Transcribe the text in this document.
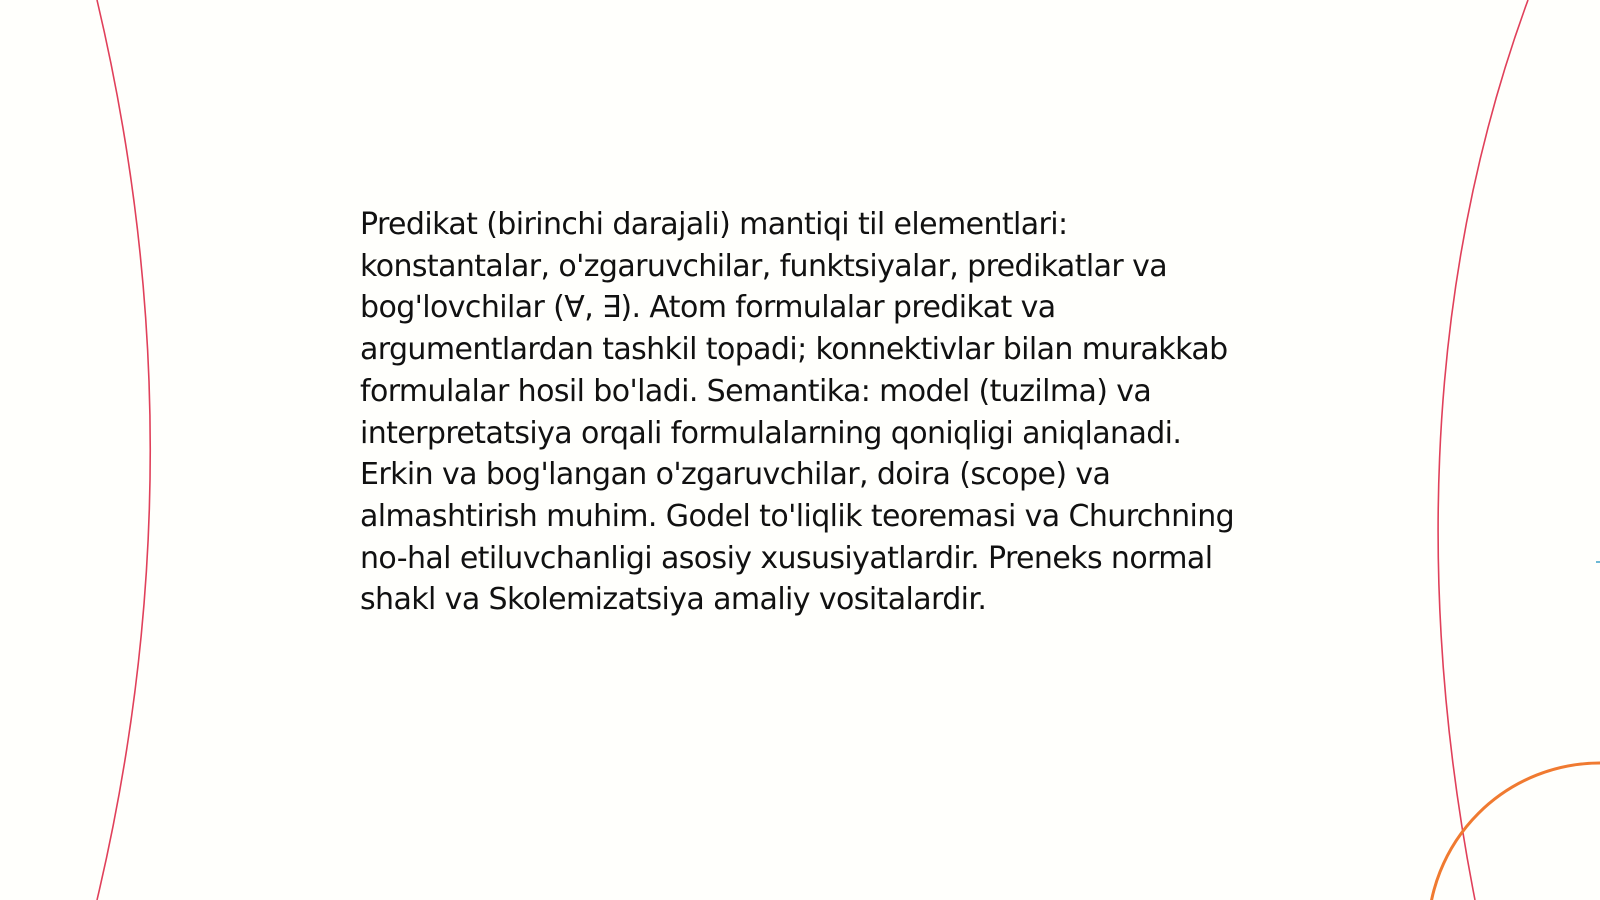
Predikat (birinchi darajali) mantiqi til elementlari: konstantalar, o'zgaruvchilar, funktsiyalar, predikatlar va bog'lovchilar (∀, ∃). Atom formulalar predikat va argumentlardan tashkil topadi; konnektivlar bilan murakkab formulalar hosil bo'ladi. Semantika: model (tuzilma) va interpretatsiya orqali formulalarning qoniqligi aniqlanadi. Erkin va bog'langan o'zgaruvchilar, doira (scope) va almashtirish muhim. Godel to'liqlik teoremasi va Churchning no-hal etiluvchanligi asosiy xususiyatlardir. Preneks normal shakl va Skolemizatsiya amaliy vositalardir.
